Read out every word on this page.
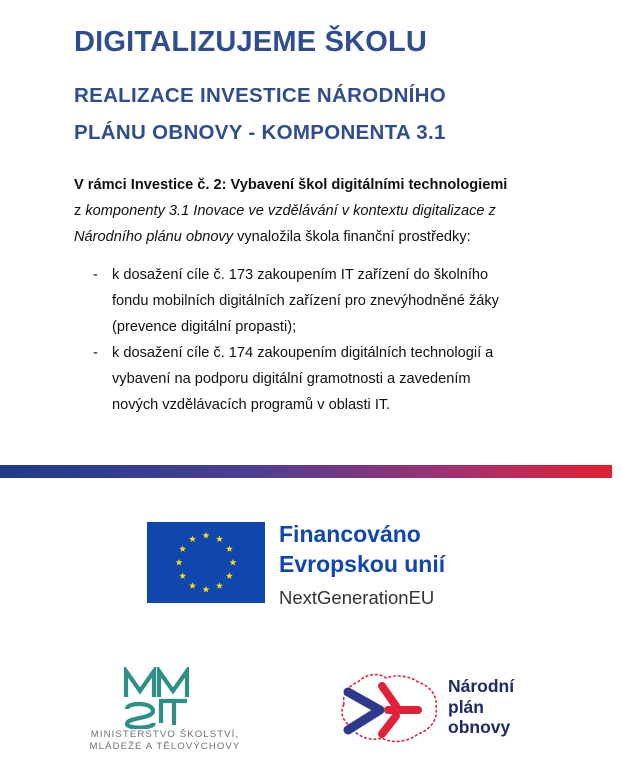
DIGITALIZUJEME ŠKOLU
REALIZACE INVESTICE NÁRODNÍHO
PLÁNU OBNOVY - KOMPONENTA 3.1
V rámci Investice č. 2: Vybavení škol digitálními technologiemi
z komponenty 3.1 Inovace ve vzdělávání v kontextu digitalizace z Národního plánu obnovy vynaložila škola finanční prostředky:
- k dosažení cíle č. 173 zakoupením IT zařízení do školního
fondu mobilních digitálních zařízení pro znevýhodněné žáky
(prevence digitální propasti);
- k dosažení cíle č. 174 zakoupením digitálních technologií a
vybavení na podporu digitální gramotnosti a zavedením
nových vzdělávacích programů v oblasti IT.
Financováno
Evropskou unií
NextGenerationEU
MINISTERSTVO ŠKOLSTVÍ,
MLÁDEŽE A TĚLOVÝCHOVY
Národní
plán
obnovy
